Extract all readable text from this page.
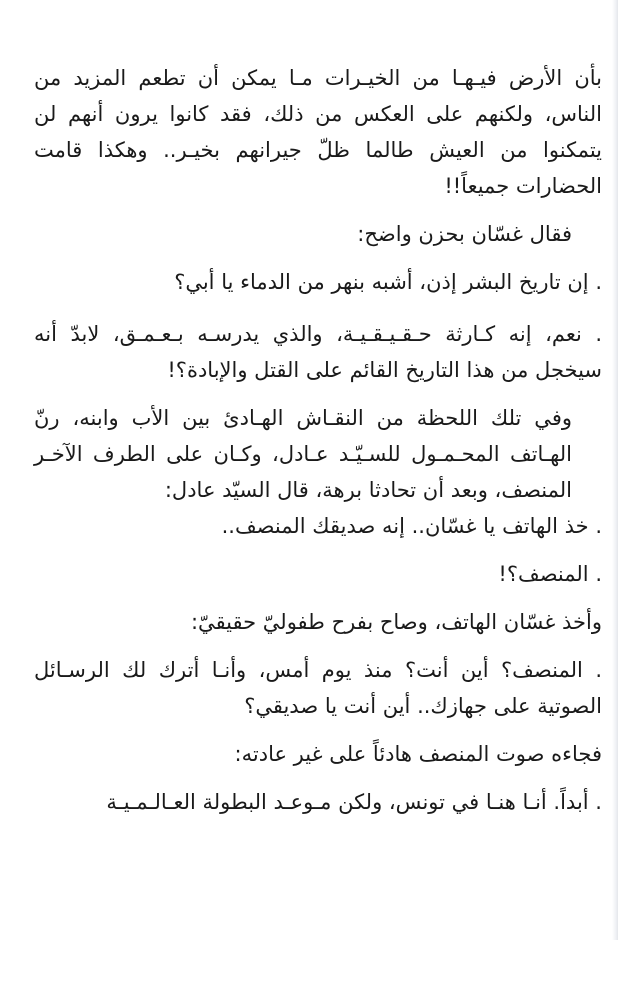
بأن الأرض فيـهـا من الخيـرات مـا يمكن أن تطعم المزيد من الناس، ولكنهم على العكس من ذلك، فقد كانوا يرون أنهم لن يتمكنوا من العيش طالما ظلّ جيرانهم بخيـر.. وهكذا قامت الحضارات جميعاً!!

فقال غسّان بحزن واضح:

. إن تاريخ البشر إذن، أشبه بنهر من الدماء يا أبي؟

. نعم، إنه كـارثة حـقـيـقـيـة، والذي يدرسـه بـعـمـق، لابدّ أنه سيخجل من هذا التاريخ القائم على القتل والإبادة؟!

وفي تلك اللحظة من النقـاش الهـادئ بين الأب وابنه، رنّ الهـاتف المحـمـول للسـيّـد عـادل، وكـان على الطرف الآخـر المنصف، وبعد أن تحادثا برهة، قال السيّد عادل:

. خذ الهاتف يا غسّان.. إنه صديقك المنصف..

. المنصف؟!

وأخذ غسّان الهاتف، وصاح بفرح طفوليّ حقيقيّ:

. المنصف؟ أين أنت؟ منذ يوم أمس، وأنـا أترك لك الرسـائل الصوتية على جهازك.. أين أنت يا صديقي؟

فجاءه صوت المنصف هادئاً على غير عادته:

. أبداً. أنـا هنـا في تونس، ولكن مـوعـد البطولة العـالـمـيـة
